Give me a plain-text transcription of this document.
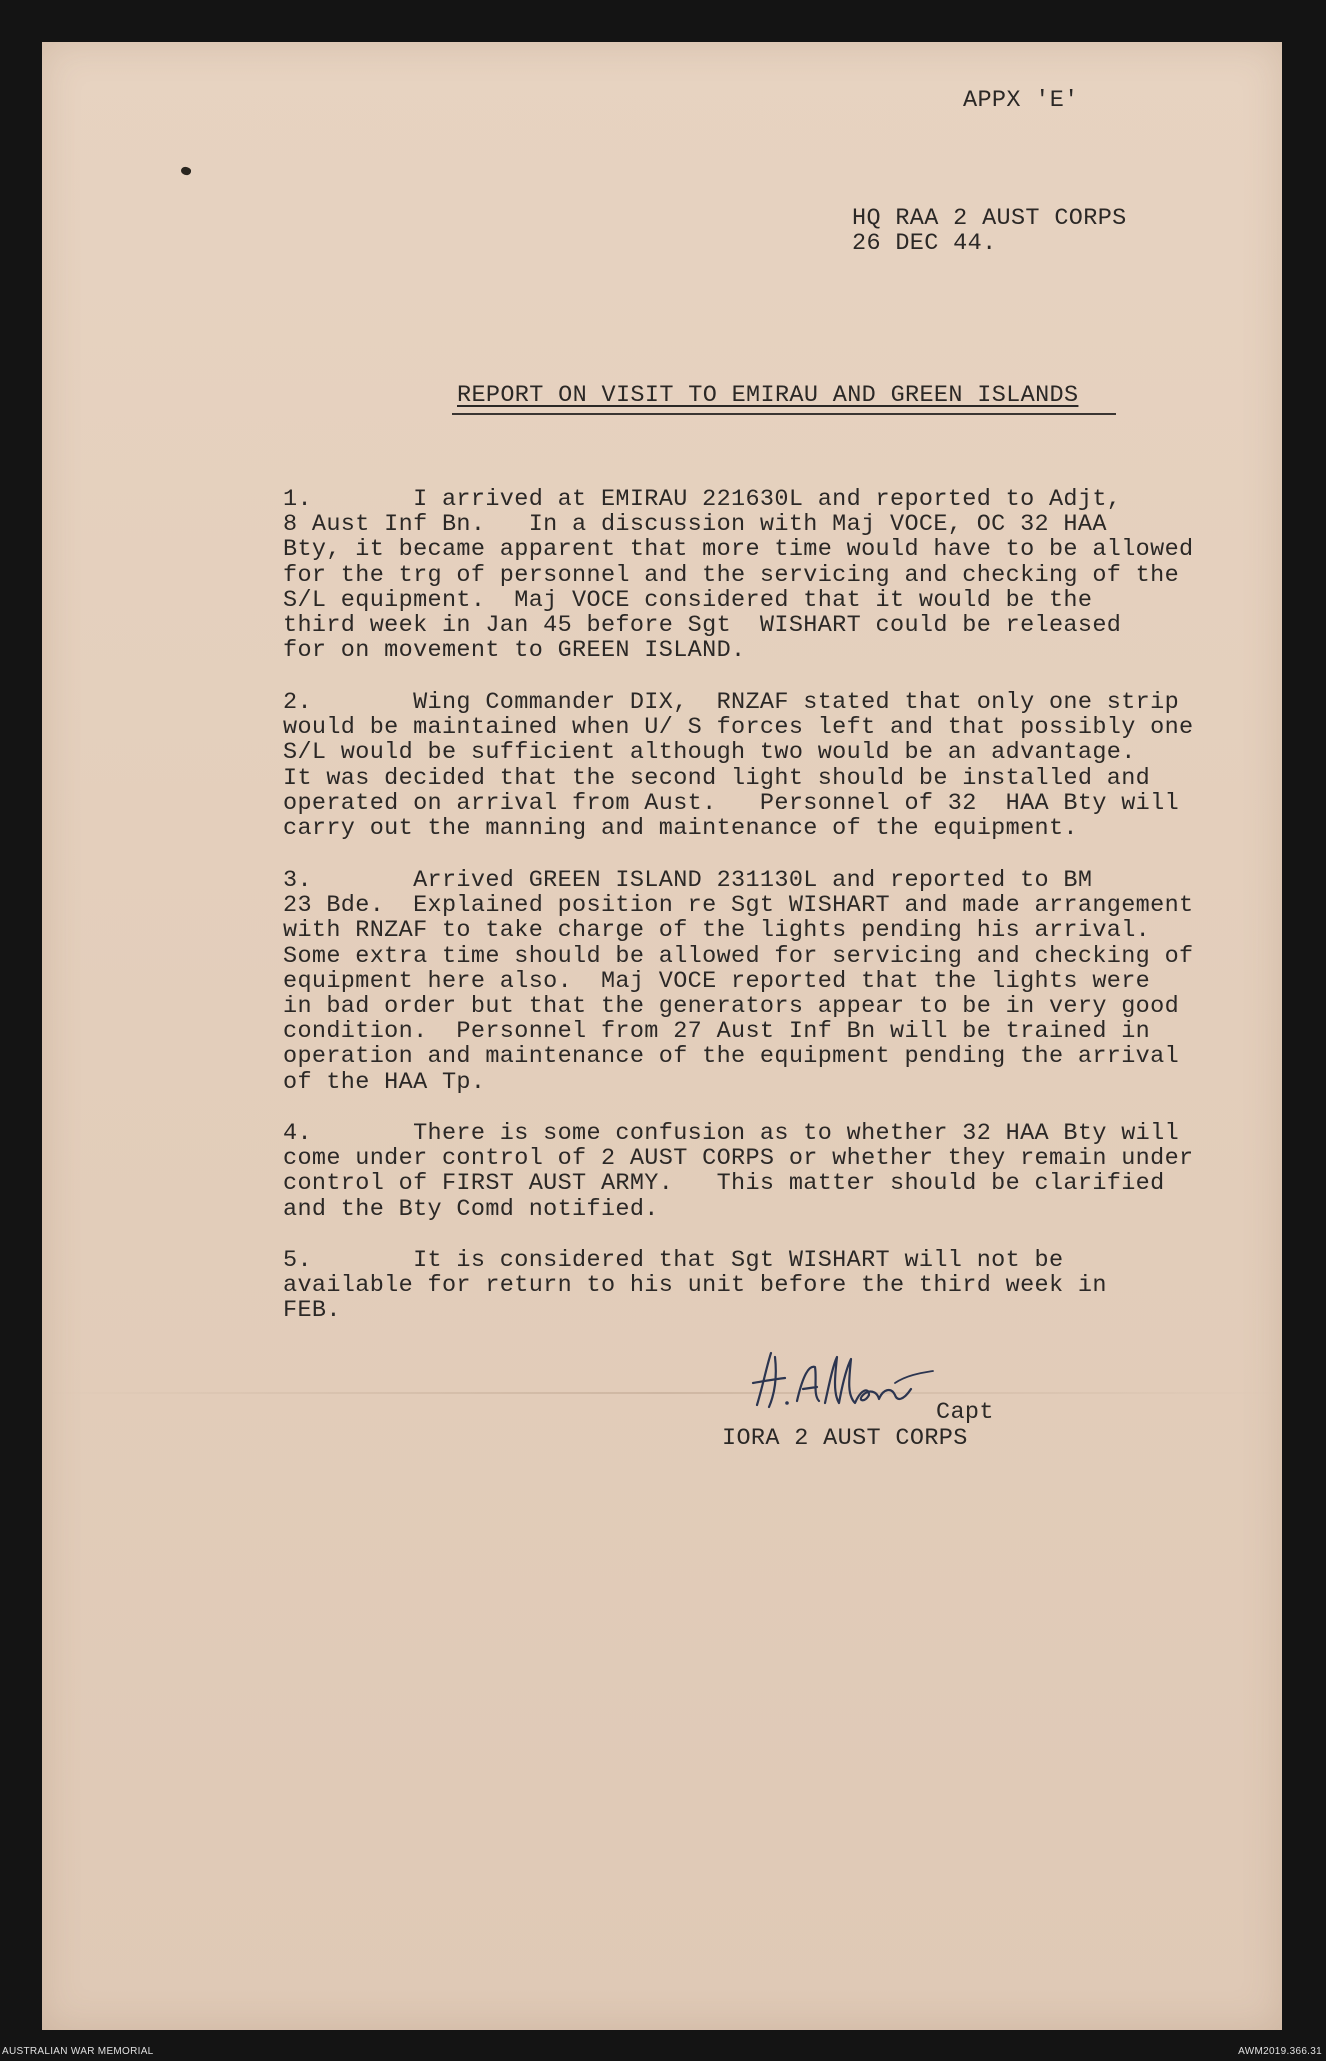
APPX 'E'
HQ RAA 2 AUST CORPS
26 DEC 44.
REPORT ON VISIT TO EMIRAU AND GREEN ISLANDS
1.       I arrived at EMIRAU 221630L and reported to Adjt,
8 Aust Inf Bn.   In a discussion with Maj VOCE, OC 32 HAA
Bty, it became apparent that more time would have to be allowed
for the trg of personnel and the servicing and checking of the
S/L equipment.  Maj VOCE considered that it would be the
third week in Jan 45 before Sgt  WISHART could be released
for on movement to GREEN ISLAND.
2.       Wing Commander DIX,  RNZAF stated that only one strip
would be maintained when U/ S forces left and that possibly one
S/L would be sufficient although two would be an advantage.
It was decided that the second light should be installed and
operated on arrival from Aust.   Personnel of 32  HAA Bty will
carry out the manning and maintenance of the equipment.
3.       Arrived GREEN ISLAND 231130L and reported to BM
23 Bde.  Explained position re Sgt WISHART and made arrangement
with RNZAF to take charge of the lights pending his arrival.
Some extra time should be allowed for servicing and checking of
equipment here also.  Maj VOCE reported that the lights were
in bad order but that the generators appear to be in very good
condition.  Personnel from 27 Aust Inf Bn will be trained in
operation and maintenance of the equipment pending the arrival
of the HAA Tp.
4.       There is some confusion as to whether 32 HAA Bty will
come under control of 2 AUST CORPS or whether they remain under
control of FIRST AUST ARMY.   This matter should be clarified
and the Bty Comd notified.
5.       It is considered that Sgt WISHART will not be
available for return to his unit before the third week in
FEB.
Capt
IORA 2 AUST CORPS
AUSTRALIAN WAR MEMORIAL	AWM2019.366.31
